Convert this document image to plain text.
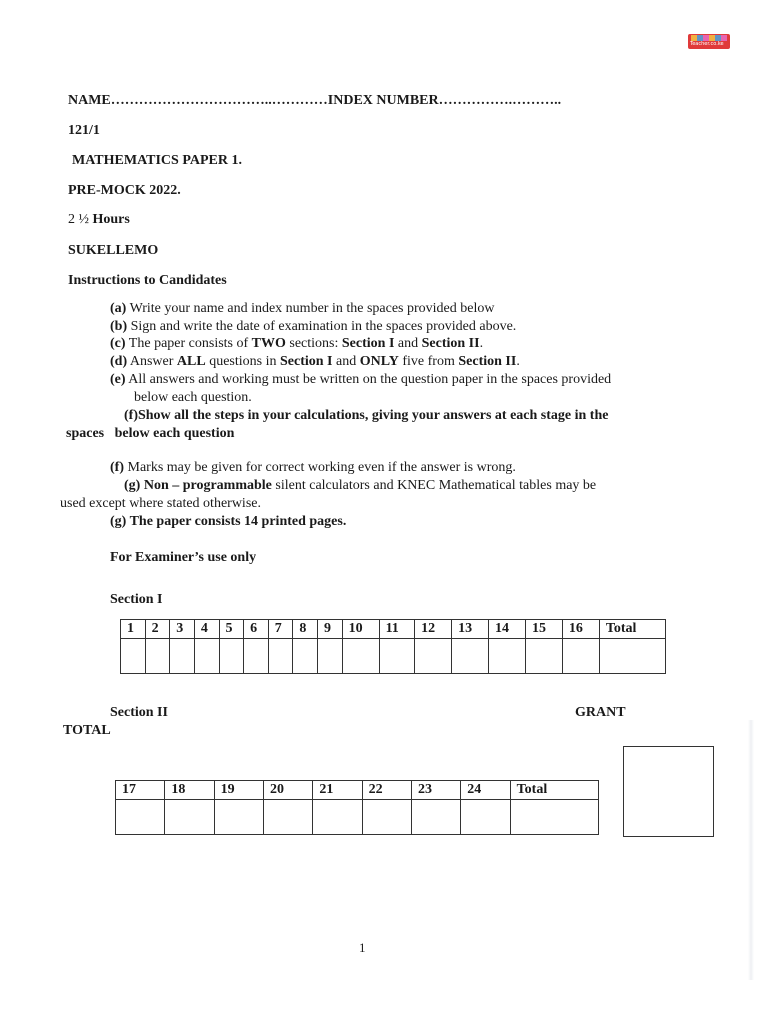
Teacher.co.ke
NAME……………………………..…………INDEX NUMBER…………….………..
121/1
MATHEMATICS PAPER 1.
PRE-MOCK 2022.
2 ½ Hours
SUKELLEMO
Instructions to Candidates
(a) Write your name and index number in the spaces provided below
(b) Sign and write the date of examination in the spaces provided above.
(c) The paper consists of TWO sections: Section I and Section II.
(d) Answer ALL questions in Section I and ONLY five from Section II.
(e) All answers and working must be written on the question paper in the spaces provided
below each question.
(f)Show all the steps in your calculations, giving your answers at each stage in the
spaces   below each question
(f) Marks may be given for correct working even if the answer is wrong.
(g) Non – programmable silent calculators and KNEC Mathematical tables may be
used except where stated otherwise.
(g) The paper consists 14 printed pages.
For Examiner’s use only
Section I
1	2	3	4	5	6	7	8	9	10	11	12	13	14	15	16	Total

Section II	GRANT
TOTAL
17	18	19	20	21	22	23	24	Total

1
